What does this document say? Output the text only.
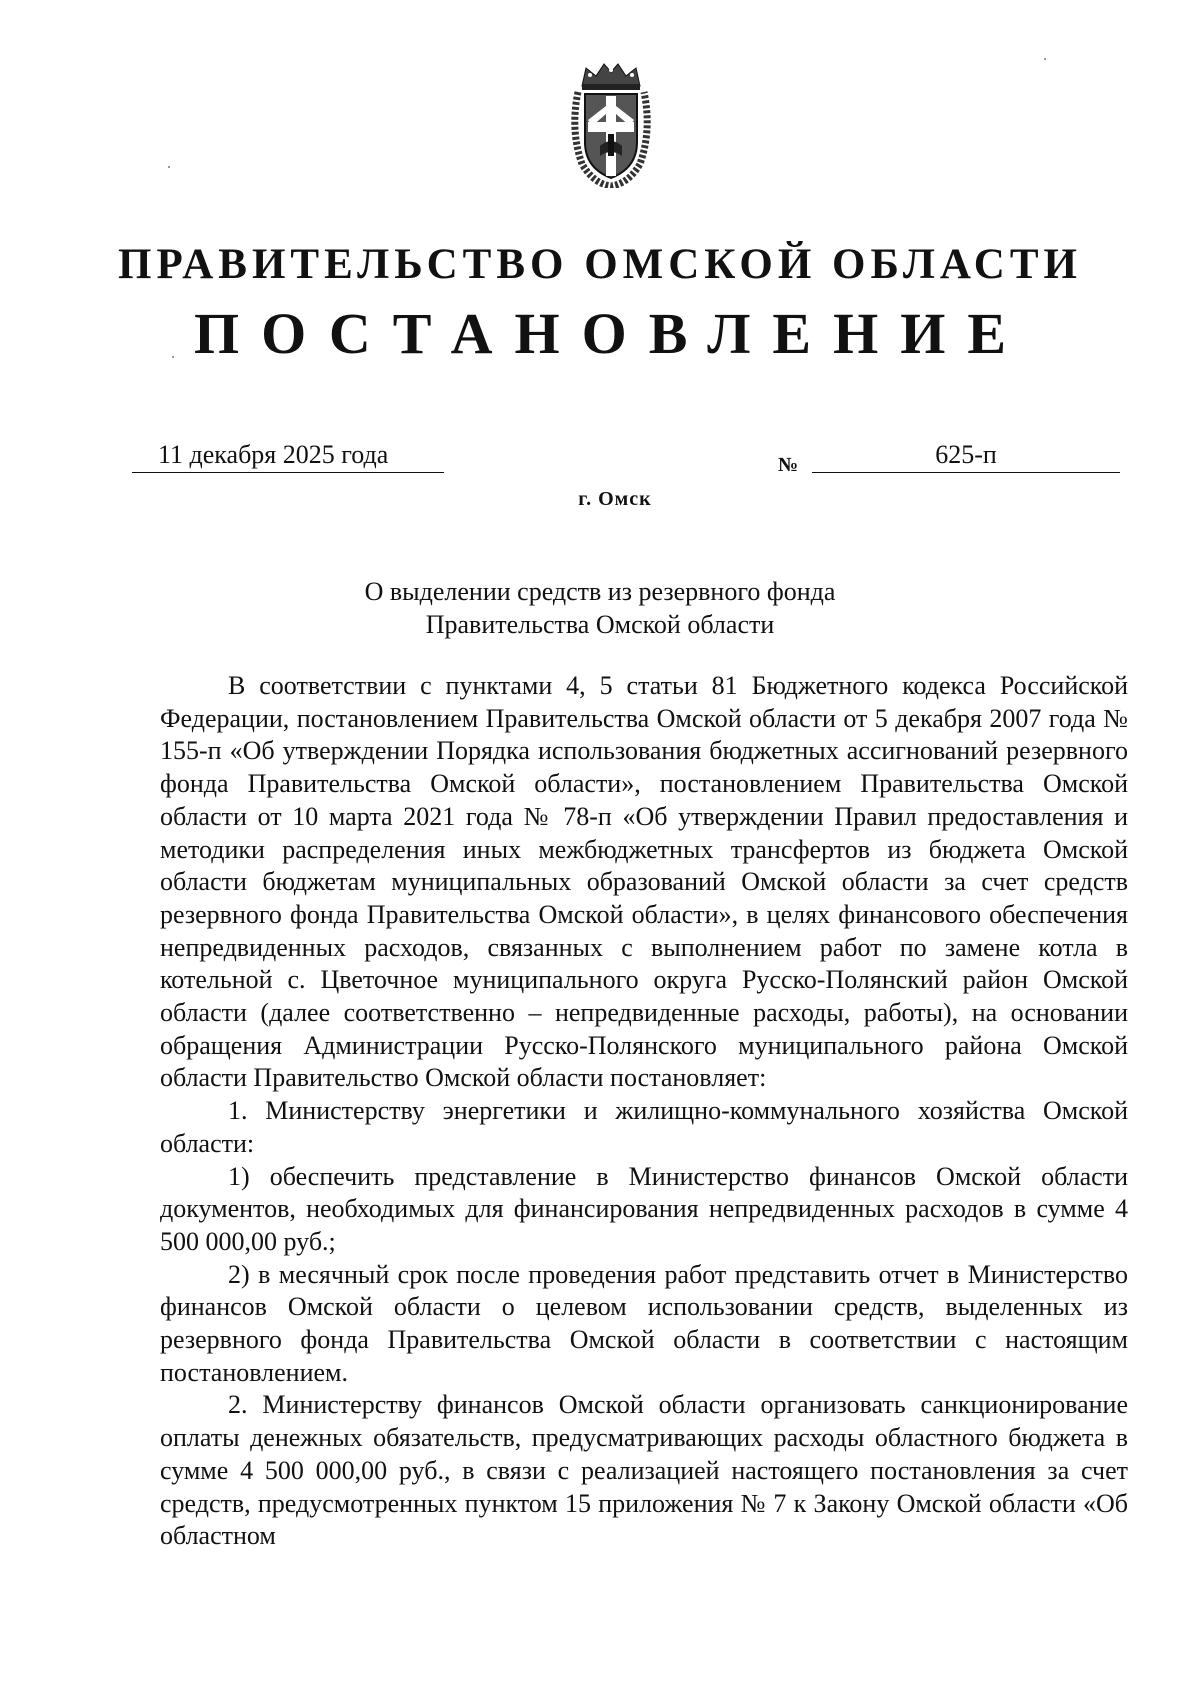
ПРАВИТЕЛЬСТВО ОМСКОЙ ОБЛАСТИ
ПОСТАНОВЛЕНИЕ
11 декабря 2025 года	№	625-п
г. Омск
О выделении средств из резервного фонда
Правительства Омской области

В соответствии с пунктами 4, 5 статьи 81 Бюджетного кодекса Российской Федерации, постановлением Правительства Омской области от 5 декабря 2007 года № 155-п «Об утверждении Порядка использования бюджетных ассигнований резервного фонда Правительства Омской области», постановлением Правительства Омской области от 10 марта 2021 года № 78-п «Об утверждении Правил предоставления и методики распределения иных межбюджетных трансфертов из бюджета Омской области бюджетам муниципальных образований Омской области за счет средств резервного фонда Правительства Омской области», в целях финансового обеспечения непредвиденных расходов, связанных с выполнением работ по замене котла в котельной с. Цветочное муниципального округа Русско-Полянский район Омской области (далее соответственно – непредвиденные расходы, работы), на основании обращения Администрации Русско-Полянского муниципального района Омской области Правительство Омской области постановляет:

1. Министерству энергетики и жилищно-коммунального хозяйства Омской области:

1) обеспечить представление в Министерство финансов Омской области документов, необходимых для финансирования непредвиденных расходов в сумме 4 500 000,00 руб.;

2) в месячный срок после проведения работ представить отчет в Министерство финансов Омской области о целевом использовании средств, выделенных из резервного фонда Правительства Омской области в соответствии с настоящим постановлением.

2. Министерству финансов Омской области организовать санкционирование оплаты денежных обязательств, предусматривающих расходы областного бюджета в сумме 4 500 000,00 руб., в связи с реализацией настоящего постановления за счет средств, предусмотренных пунктом 15 приложения № 7 к Закону Омской области «Об областном
